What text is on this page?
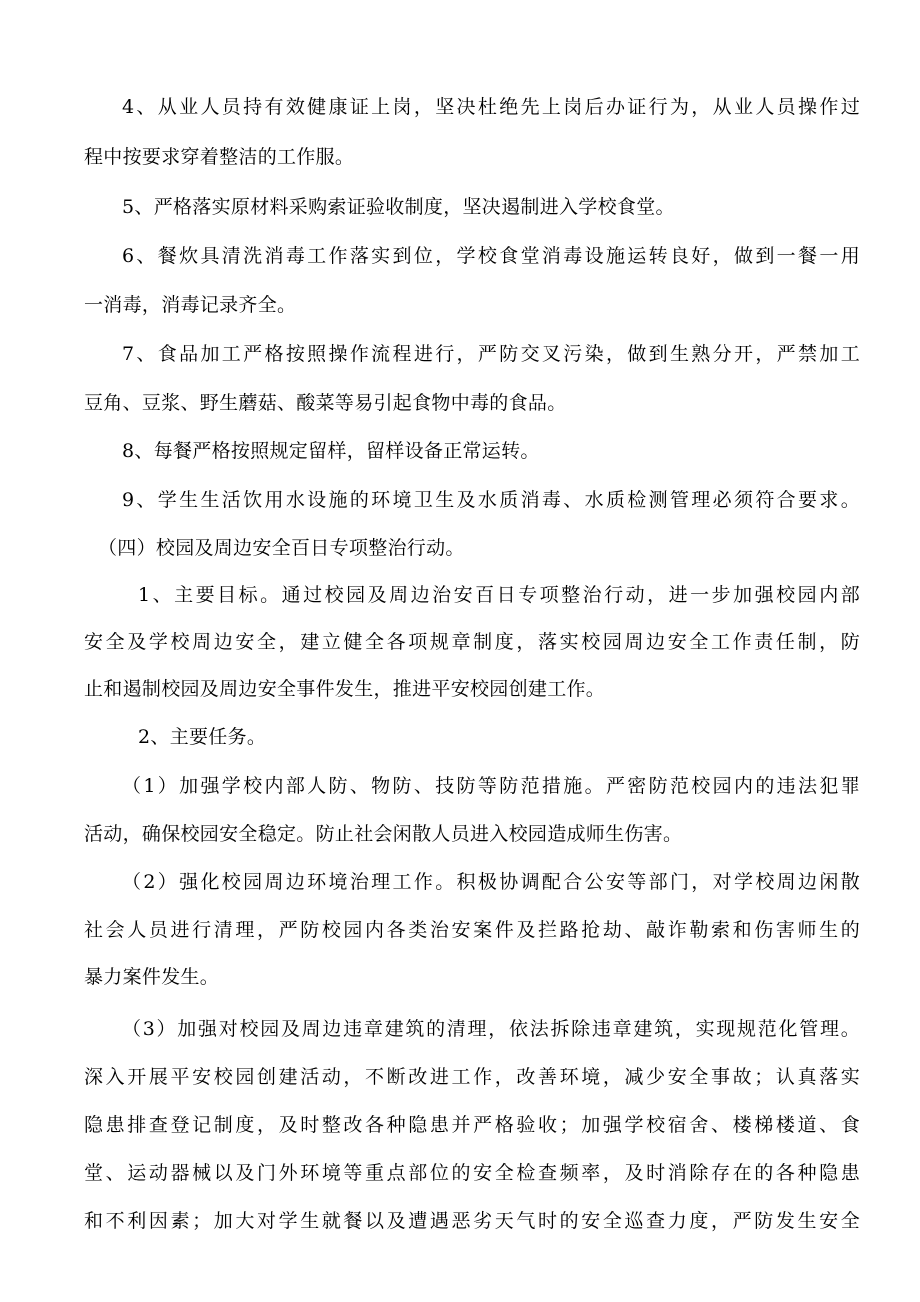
4、从业人员持有效健康证上岗，坚决杜绝先上岗后办证行为，从业人员操作过
程中按要求穿着整洁的工作服。
5、严格落实原材料采购索证验收制度，坚决遏制进入学校食堂。
6、餐炊具清洗消毒工作落实到位，学校食堂消毒设施运转良好，做到一餐一用
一消毒，消毒记录齐全。
7、食品加工严格按照操作流程进行，严防交叉污染，做到生熟分开，严禁加工
豆角、豆浆、野生蘑菇、酸菜等易引起食物中毒的食品。
8、每餐严格按照规定留样，留样设备正常运转。
9、学生生活饮用水设施的环境卫生及水质消毒、水质检测管理必须符合要求。
（四）校园及周边安全百日专项整治行动。
1、主要目标。通过校园及周边治安百日专项整治行动，进一步加强校园内部
安全及学校周边安全，建立健全各项规章制度，落实校园周边安全工作责任制，防
止和遏制校园及周边安全事件发生，推进平安校园创建工作。
2、主要任务。
（1）加强学校内部人防、物防、技防等防范措施。严密防范校园内的违法犯罪
活动，确保校园安全稳定。防止社会闲散人员进入校园造成师生伤害。
（2）强化校园周边环境治理工作。积极协调配合公安等部门，对学校周边闲散
社会人员进行清理，严防校园内各类治安案件及拦路抢劫、敲诈勒索和伤害师生的
暴力案件发生。
（3）加强对校园及周边违章建筑的清理，依法拆除违章建筑，实现规范化管理。
深入开展平安校园创建活动，不断改进工作，改善环境，减少安全事故；认真落实
隐患排查登记制度，及时整改各种隐患并严格验收；加强学校宿舍、楼梯楼道、食
堂、运动器械以及门外环境等重点部位的安全检查频率，及时消除存在的各种隐患
和不利因素；加大对学生就餐以及遭遇恶劣天气时的安全巡查力度，严防发生安全
